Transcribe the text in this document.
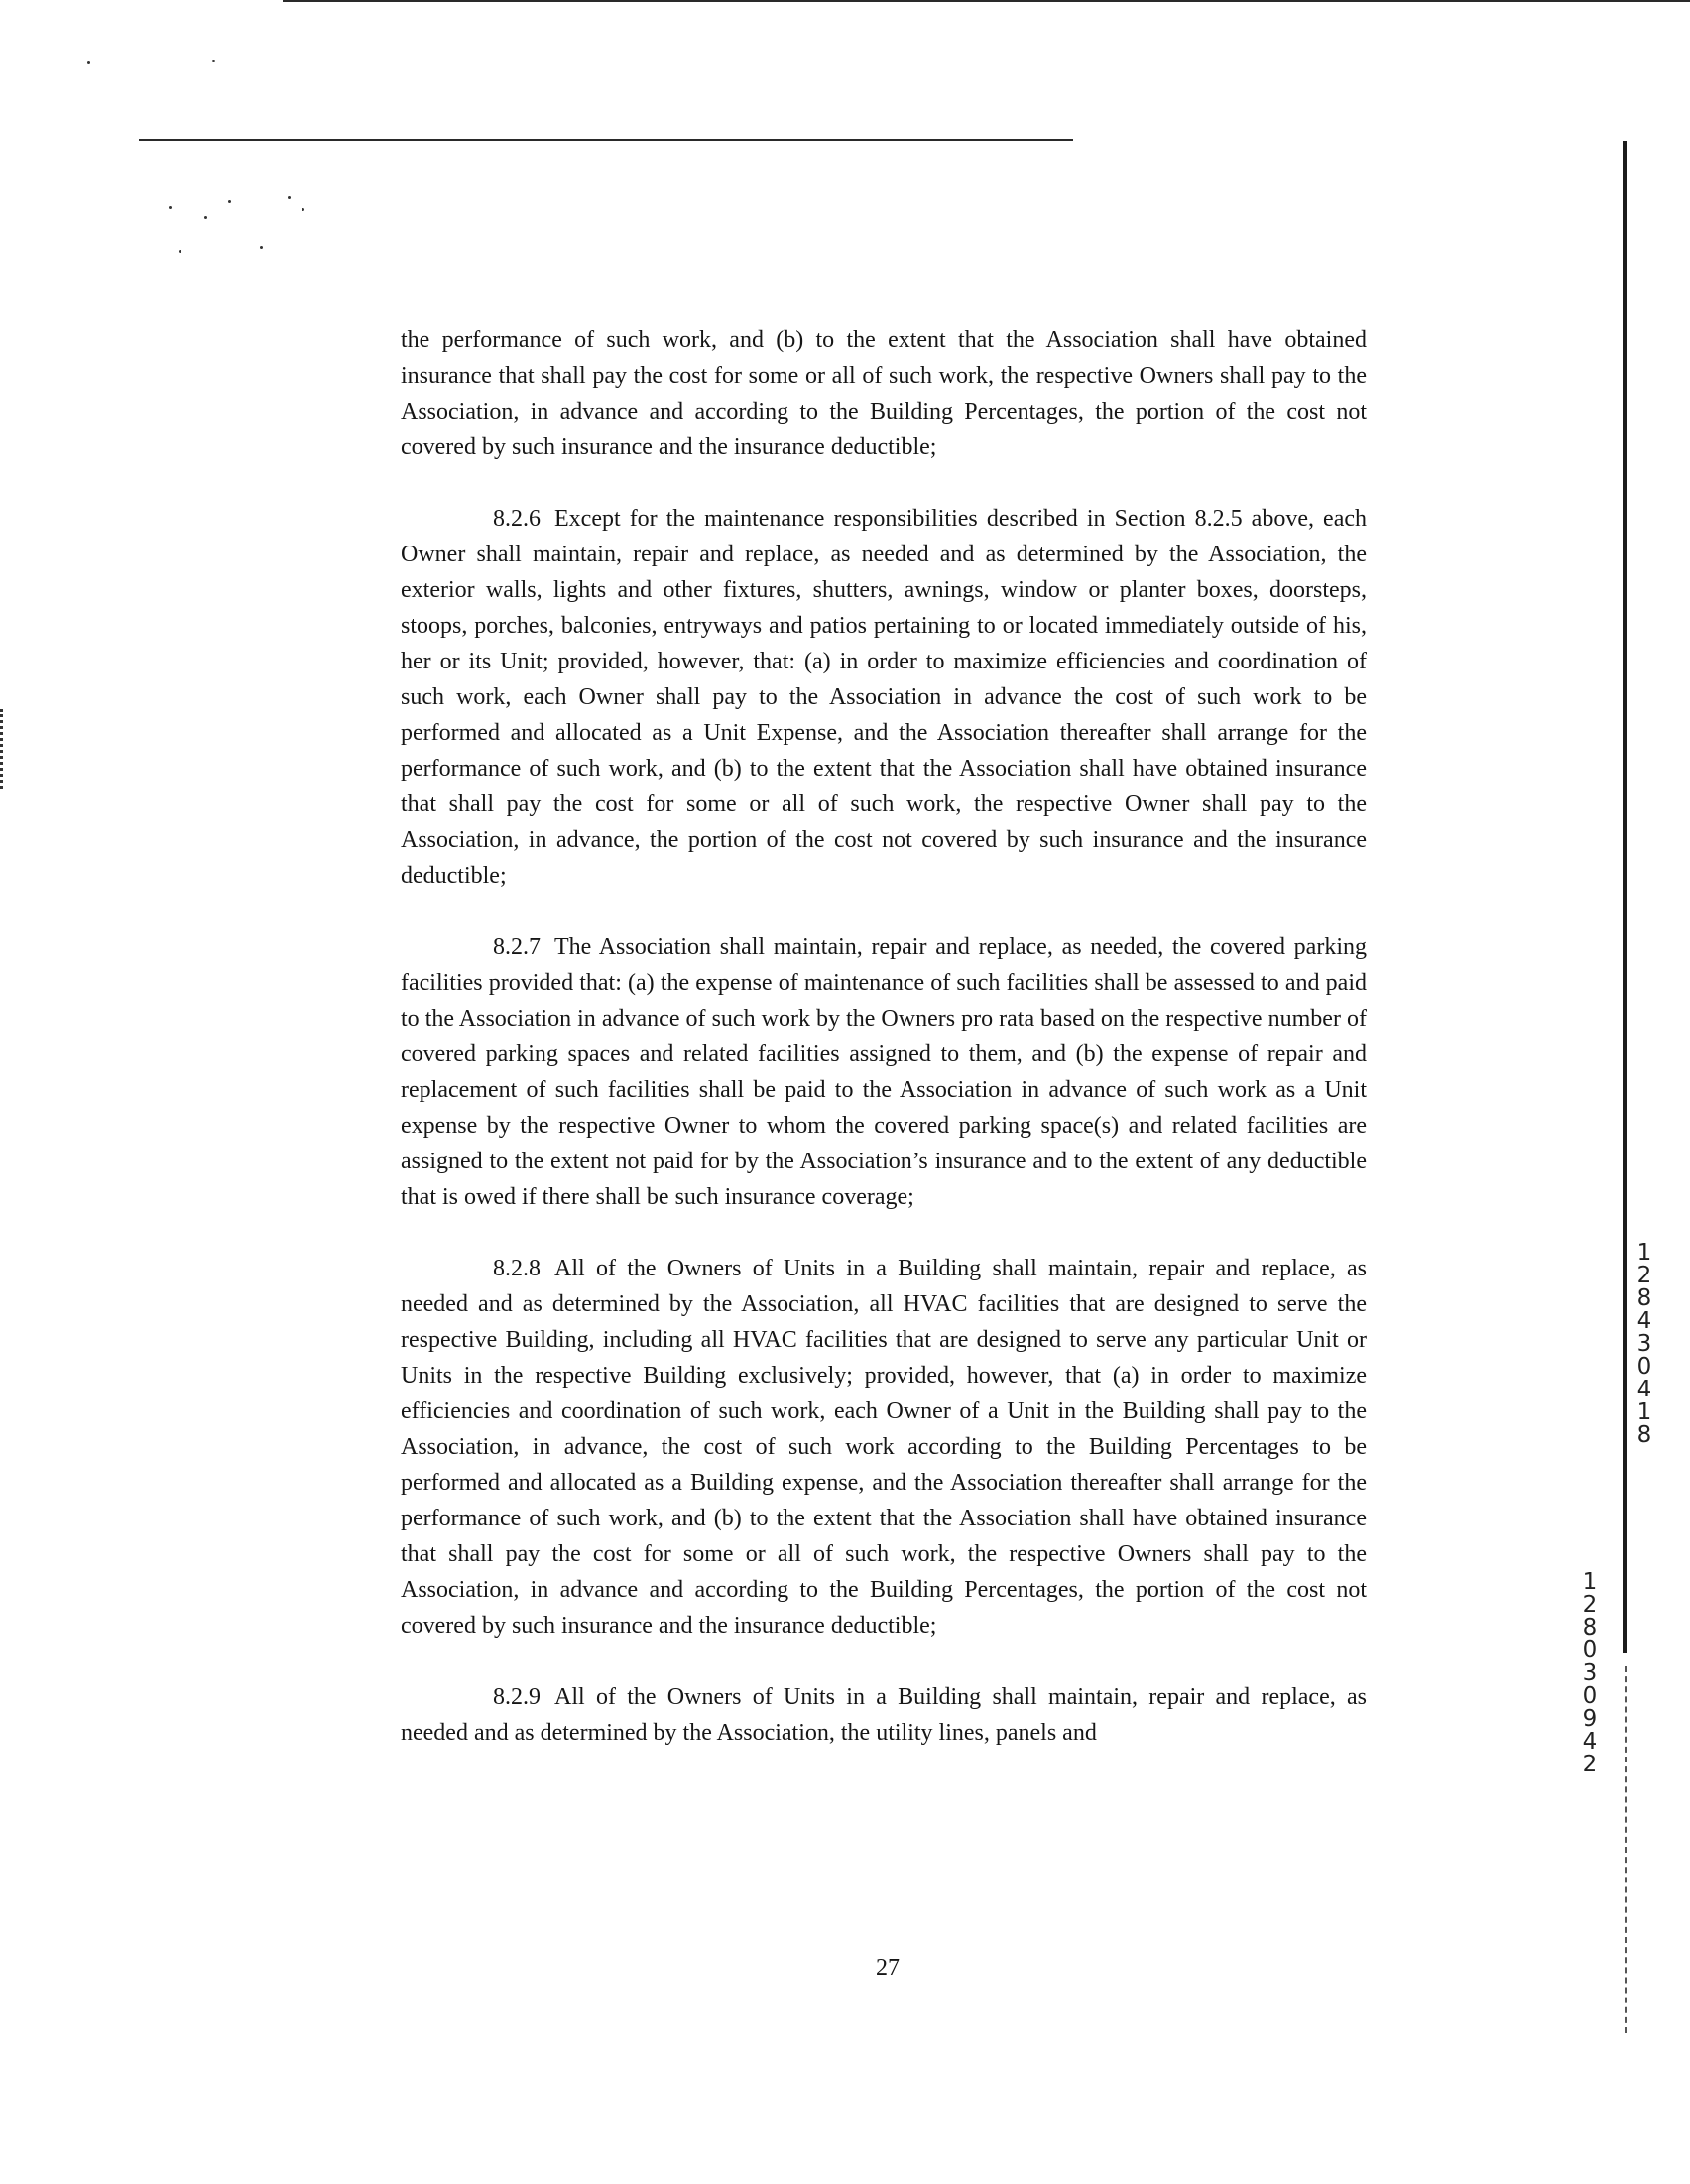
the performance of such work, and (b) to the extent that the Association shall have obtained insurance that shall pay the cost for some or all of such work, the respective Owners shall pay to the Association, in advance and according to the Building Percentages, the portion of the cost not covered by such insurance and the insurance deductible;

8.2.6 Except for the maintenance responsibilities described in Section 8.2.5 above, each Owner shall maintain, repair and replace, as needed and as determined by the Association, the exterior walls, lights and other fixtures, shutters, awnings, window or planter boxes, doorsteps, stoops, porches, balconies, entryways and patios pertaining to or located immediately outside of his, her or its Unit; provided, however, that: (a) in order to maximize efficiencies and coordination of such work, each Owner shall pay to the Association in advance the cost of such work to be performed and allocated as a Unit Expense, and the Association thereafter shall arrange for the performance of such work, and (b) to the extent that the Association shall have obtained insurance that shall pay the cost for some or all of such work, the respective Owner shall pay to the Association, in advance, the portion of the cost not covered by such insurance and the insurance deductible;

8.2.7 The Association shall maintain, repair and replace, as needed, the covered parking facilities provided that: (a) the expense of maintenance of such facilities shall be assessed to and paid to the Association in advance of such work by the Owners pro rata based on the respective number of covered parking spaces and related facilities assigned to them, and (b) the expense of repair and replacement of such facilities shall be paid to the Association in advance of such work as a Unit expense by the respective Owner to whom the covered parking space(s) and related facilities are assigned to the extent not paid for by the Association’s insurance and to the extent of any deductible that is owed if there shall be such insurance coverage;

8.2.8 All of the Owners of Units in a Building shall maintain, repair and replace, as needed and as determined by the Association, all HVAC facilities that are designed to serve the respective Building, including all HVAC facilities that are designed to serve any particular Unit or Units in the respective Building exclusively; provided, however, that (a) in order to maximize efficiencies and coordination of such work, each Owner of a Unit in the Building shall pay to the Association, in advance, the cost of such work according to the Building Percentages to be performed and allocated as a Building expense, and the Association thereafter shall arrange for the performance of such work, and (b) to the extent that the Association shall have obtained insurance that shall pay the cost for some or all of such work, the respective Owners shall pay to the Association, in advance and according to the Building Percentages, the portion of the cost not covered by such insurance and the insurance deductible;

8.2.9 All of the Owners of Units in a Building shall maintain, repair and replace, as needed and as determined by the Association, the utility lines, panels and

27
12843 0418
12803 0942
